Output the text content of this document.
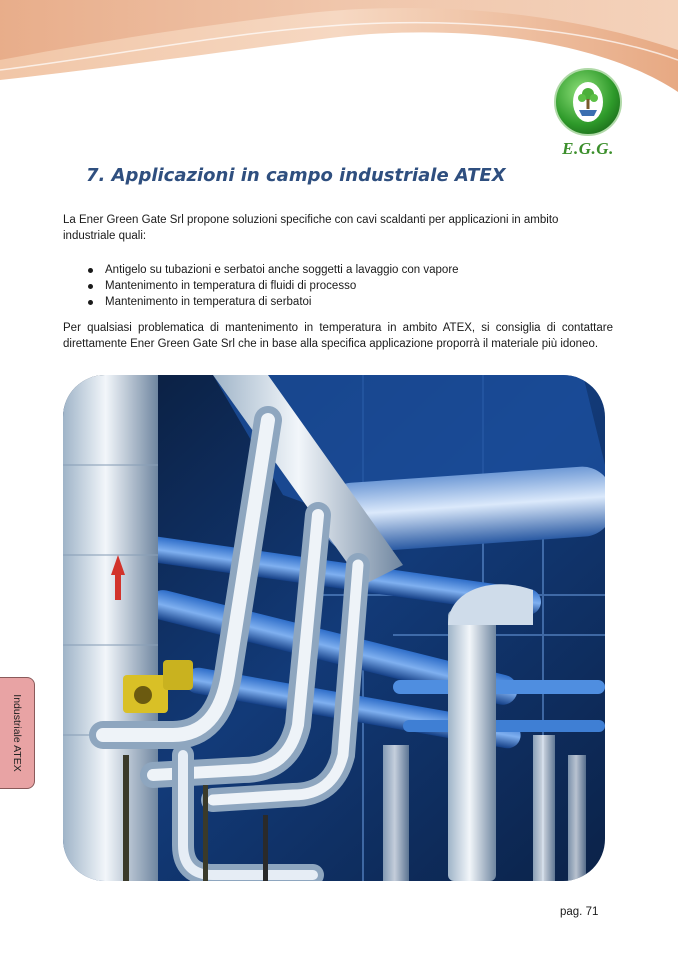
E.G.G.
7. Applicazioni in campo industriale ATEX

La Ener Green Gate Srl propone soluzioni specifiche con cavi scaldanti per applicazioni in ambito industriale quali:

Antigelo su tubazioni e serbatoi anche soggetti a lavaggio con vapore
Mantenimento in temperatura di fluidi di processo
Mantenimento in temperatura di serbatoi

Per qualsiasi problematica di mantenimento in temperatura in ambito ATEX, si consiglia di contattare direttamente Ener Green Gate Srl che in base alla specifica applicazione proporrà il materiale più idoneo.

Industriale ATEX
pag. 71
